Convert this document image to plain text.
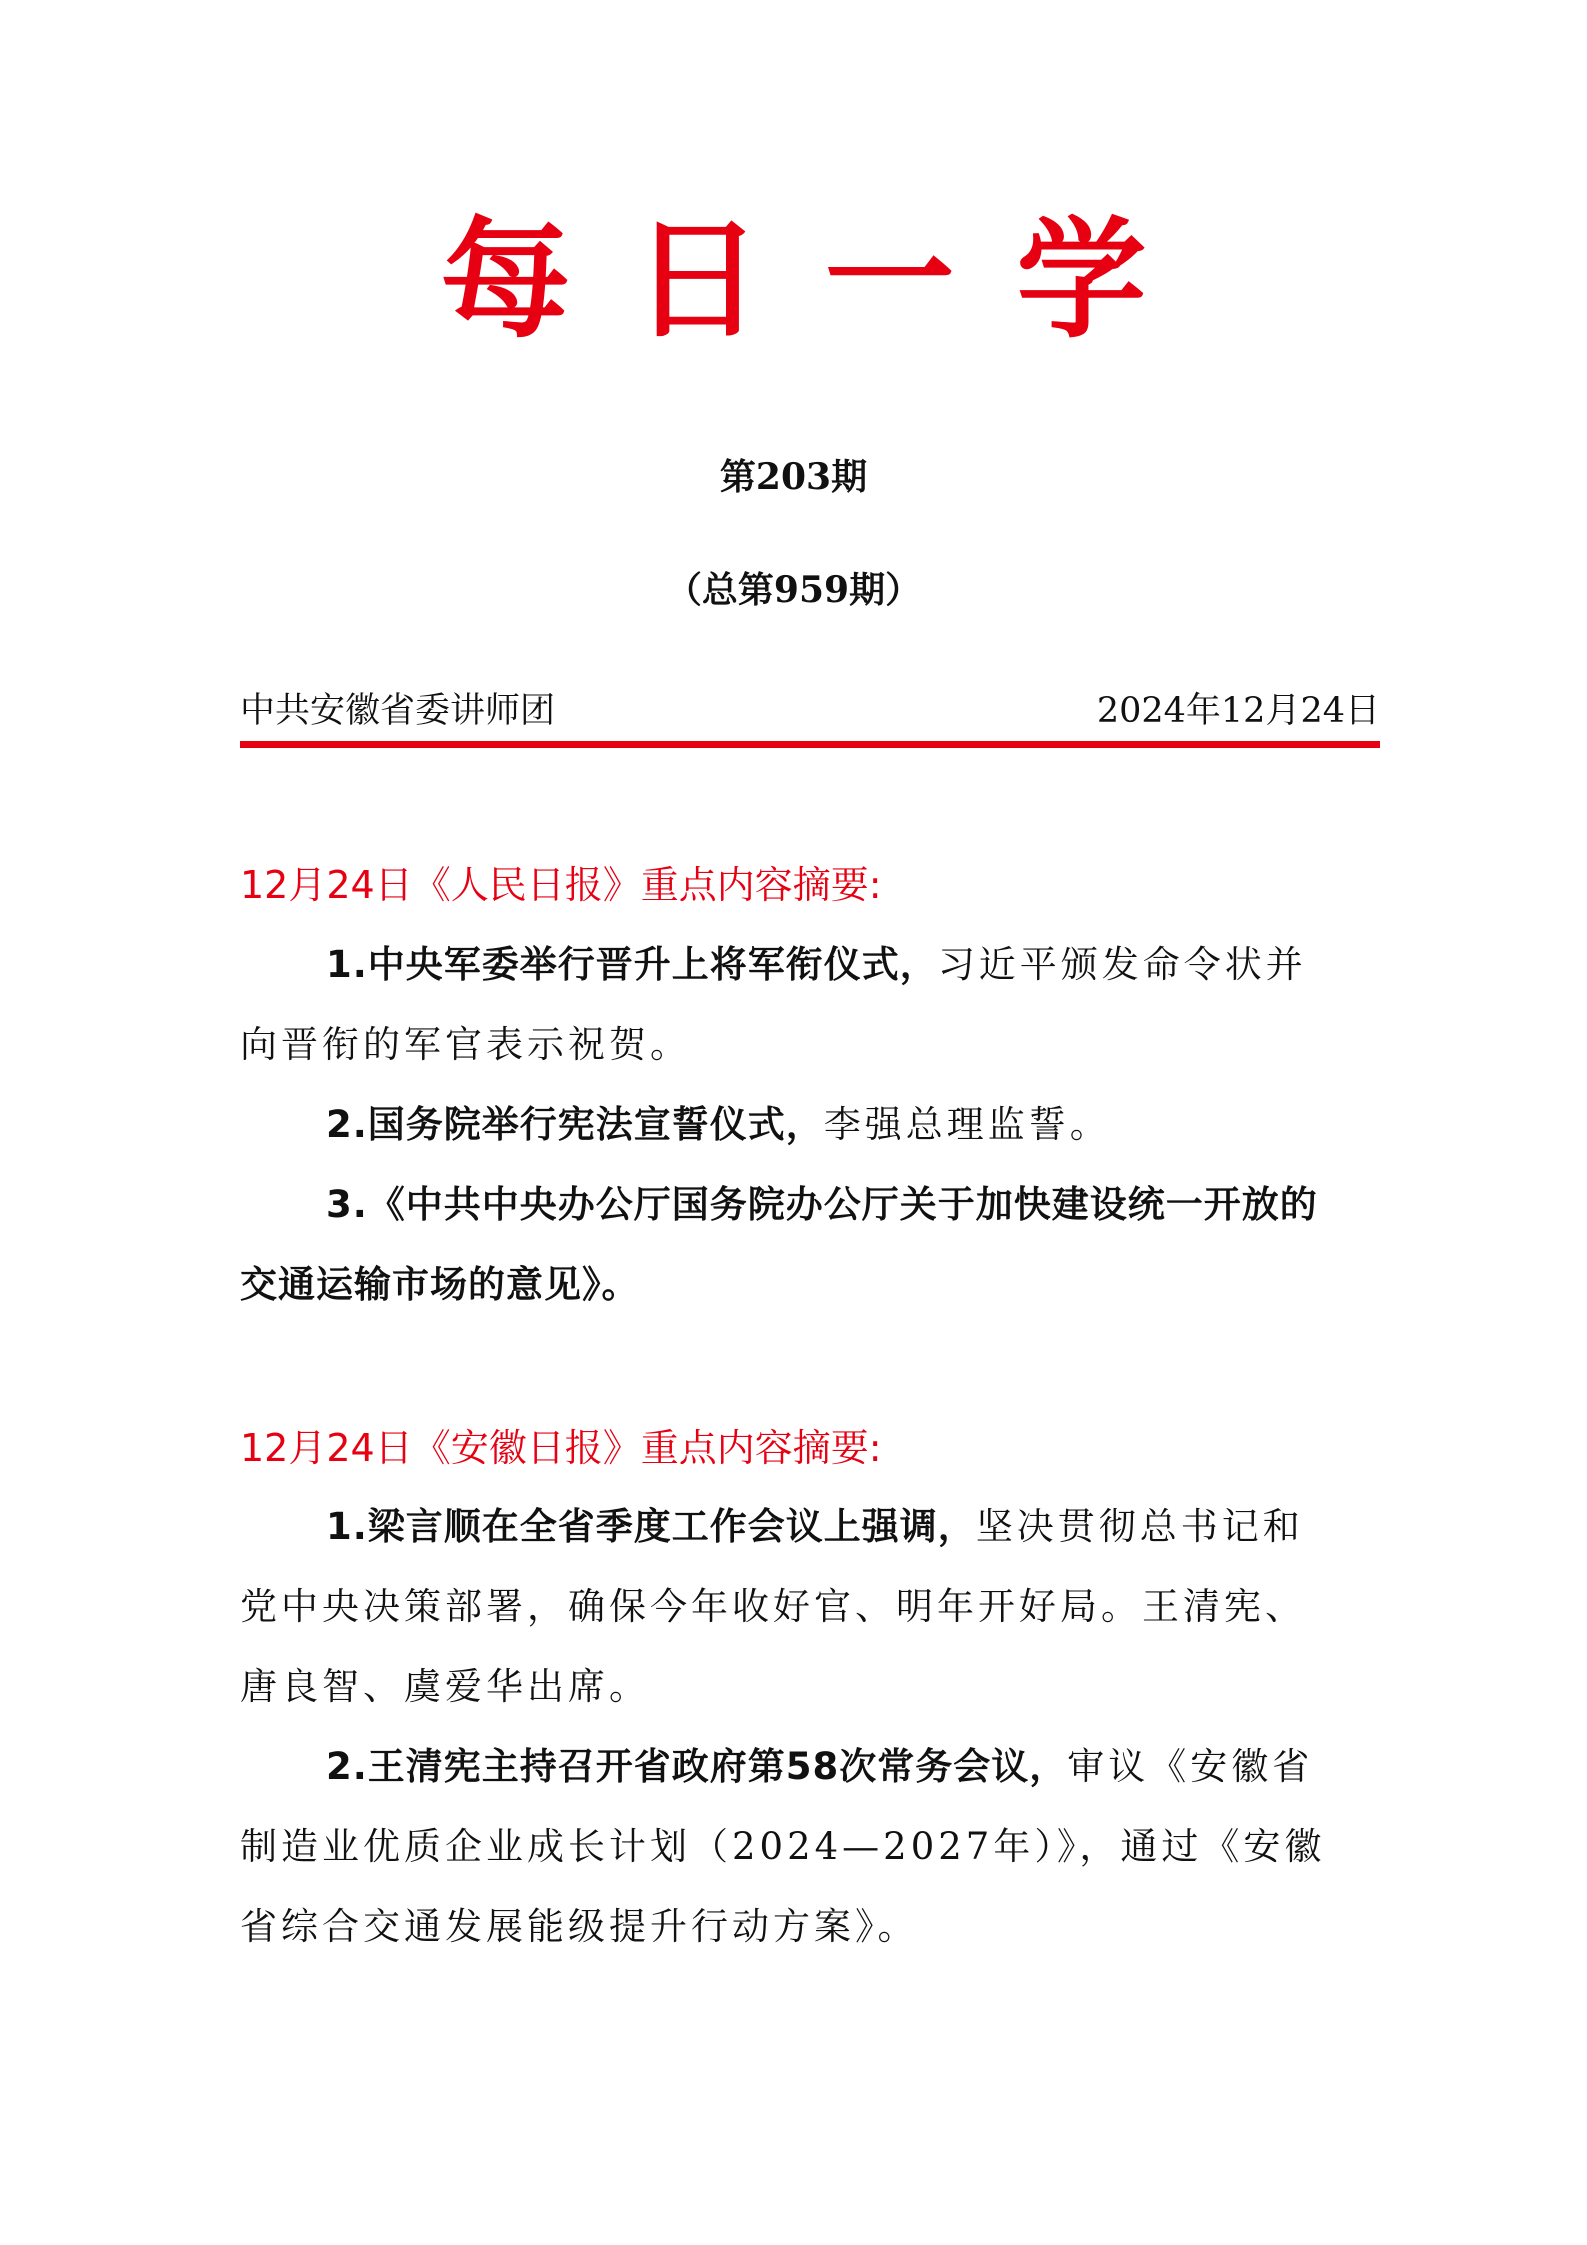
每日一学
第203期
（总第959期）
中共安徽省委讲师团	2024年12月24日
12月24日《人民日报》重点内容摘要:
1.中央军委举行晋升上将军衔仪式，习近平颁发命令状并向晋衔的军官表示祝贺。
2.国务院举行宪法宣誓仪式，李强总理监誓。
3.《中共中央办公厅国务院办公厅关于加快建设统一开放的交通运输市场的意见》。
12月24日《安徽日报》重点内容摘要:
1.梁言顺在全省季度工作会议上强调，坚决贯彻总书记和党中央决策部署，确保今年收好官、明年开好局。王清宪、唐良智、虞爱华出席。
2.王清宪主持召开省政府第58次常务会议，审议《安徽省制造业优质企业成长计划（2024—2027年）》，通过《安徽省综合交通发展能级提升行动方案》。
